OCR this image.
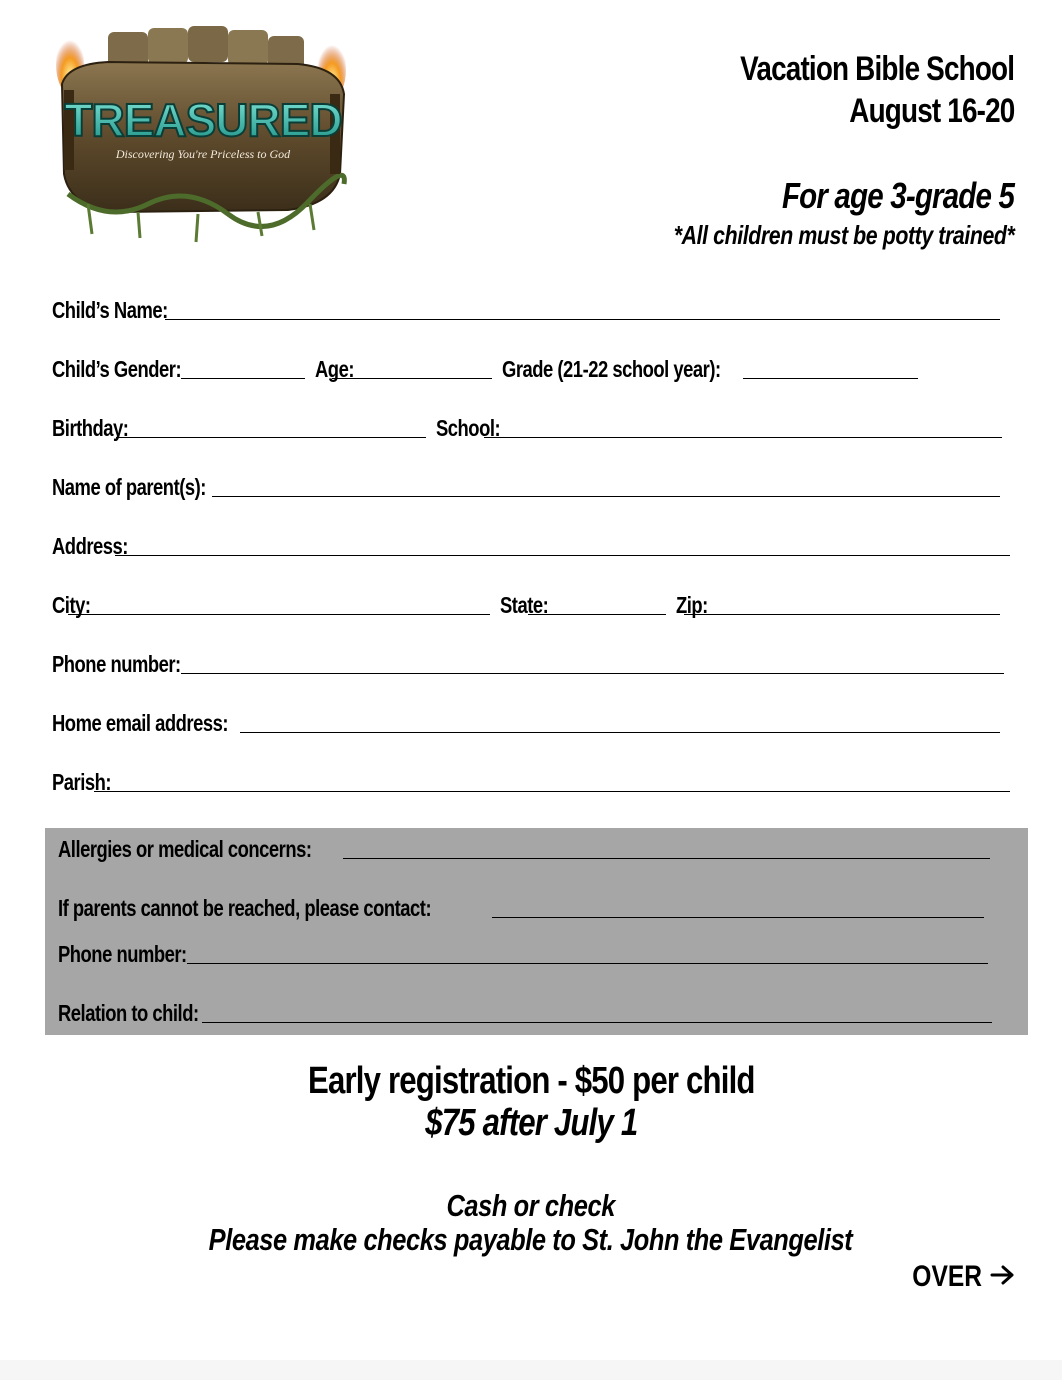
TREASURED
Discovering You're Priceless to God
Vacation Bible School
August 16-20
For age 3-grade 5
*All children must be potty trained*
Child’s Name:
Child’s Gender:	Age:	Grade (21-22 school year):
Birthday:	School:
Name of parent(s):
Address:
City:	State:	Zip:
Phone number:
Home email address:
Parish:
Allergies or medical concerns:
If parents cannot be reached, please contact:
Phone number:
Relation to child:
Early registration - $50 per child
$75 after July 1
Cash or check
Please make checks payable to St. John the Evangelist
OVER
